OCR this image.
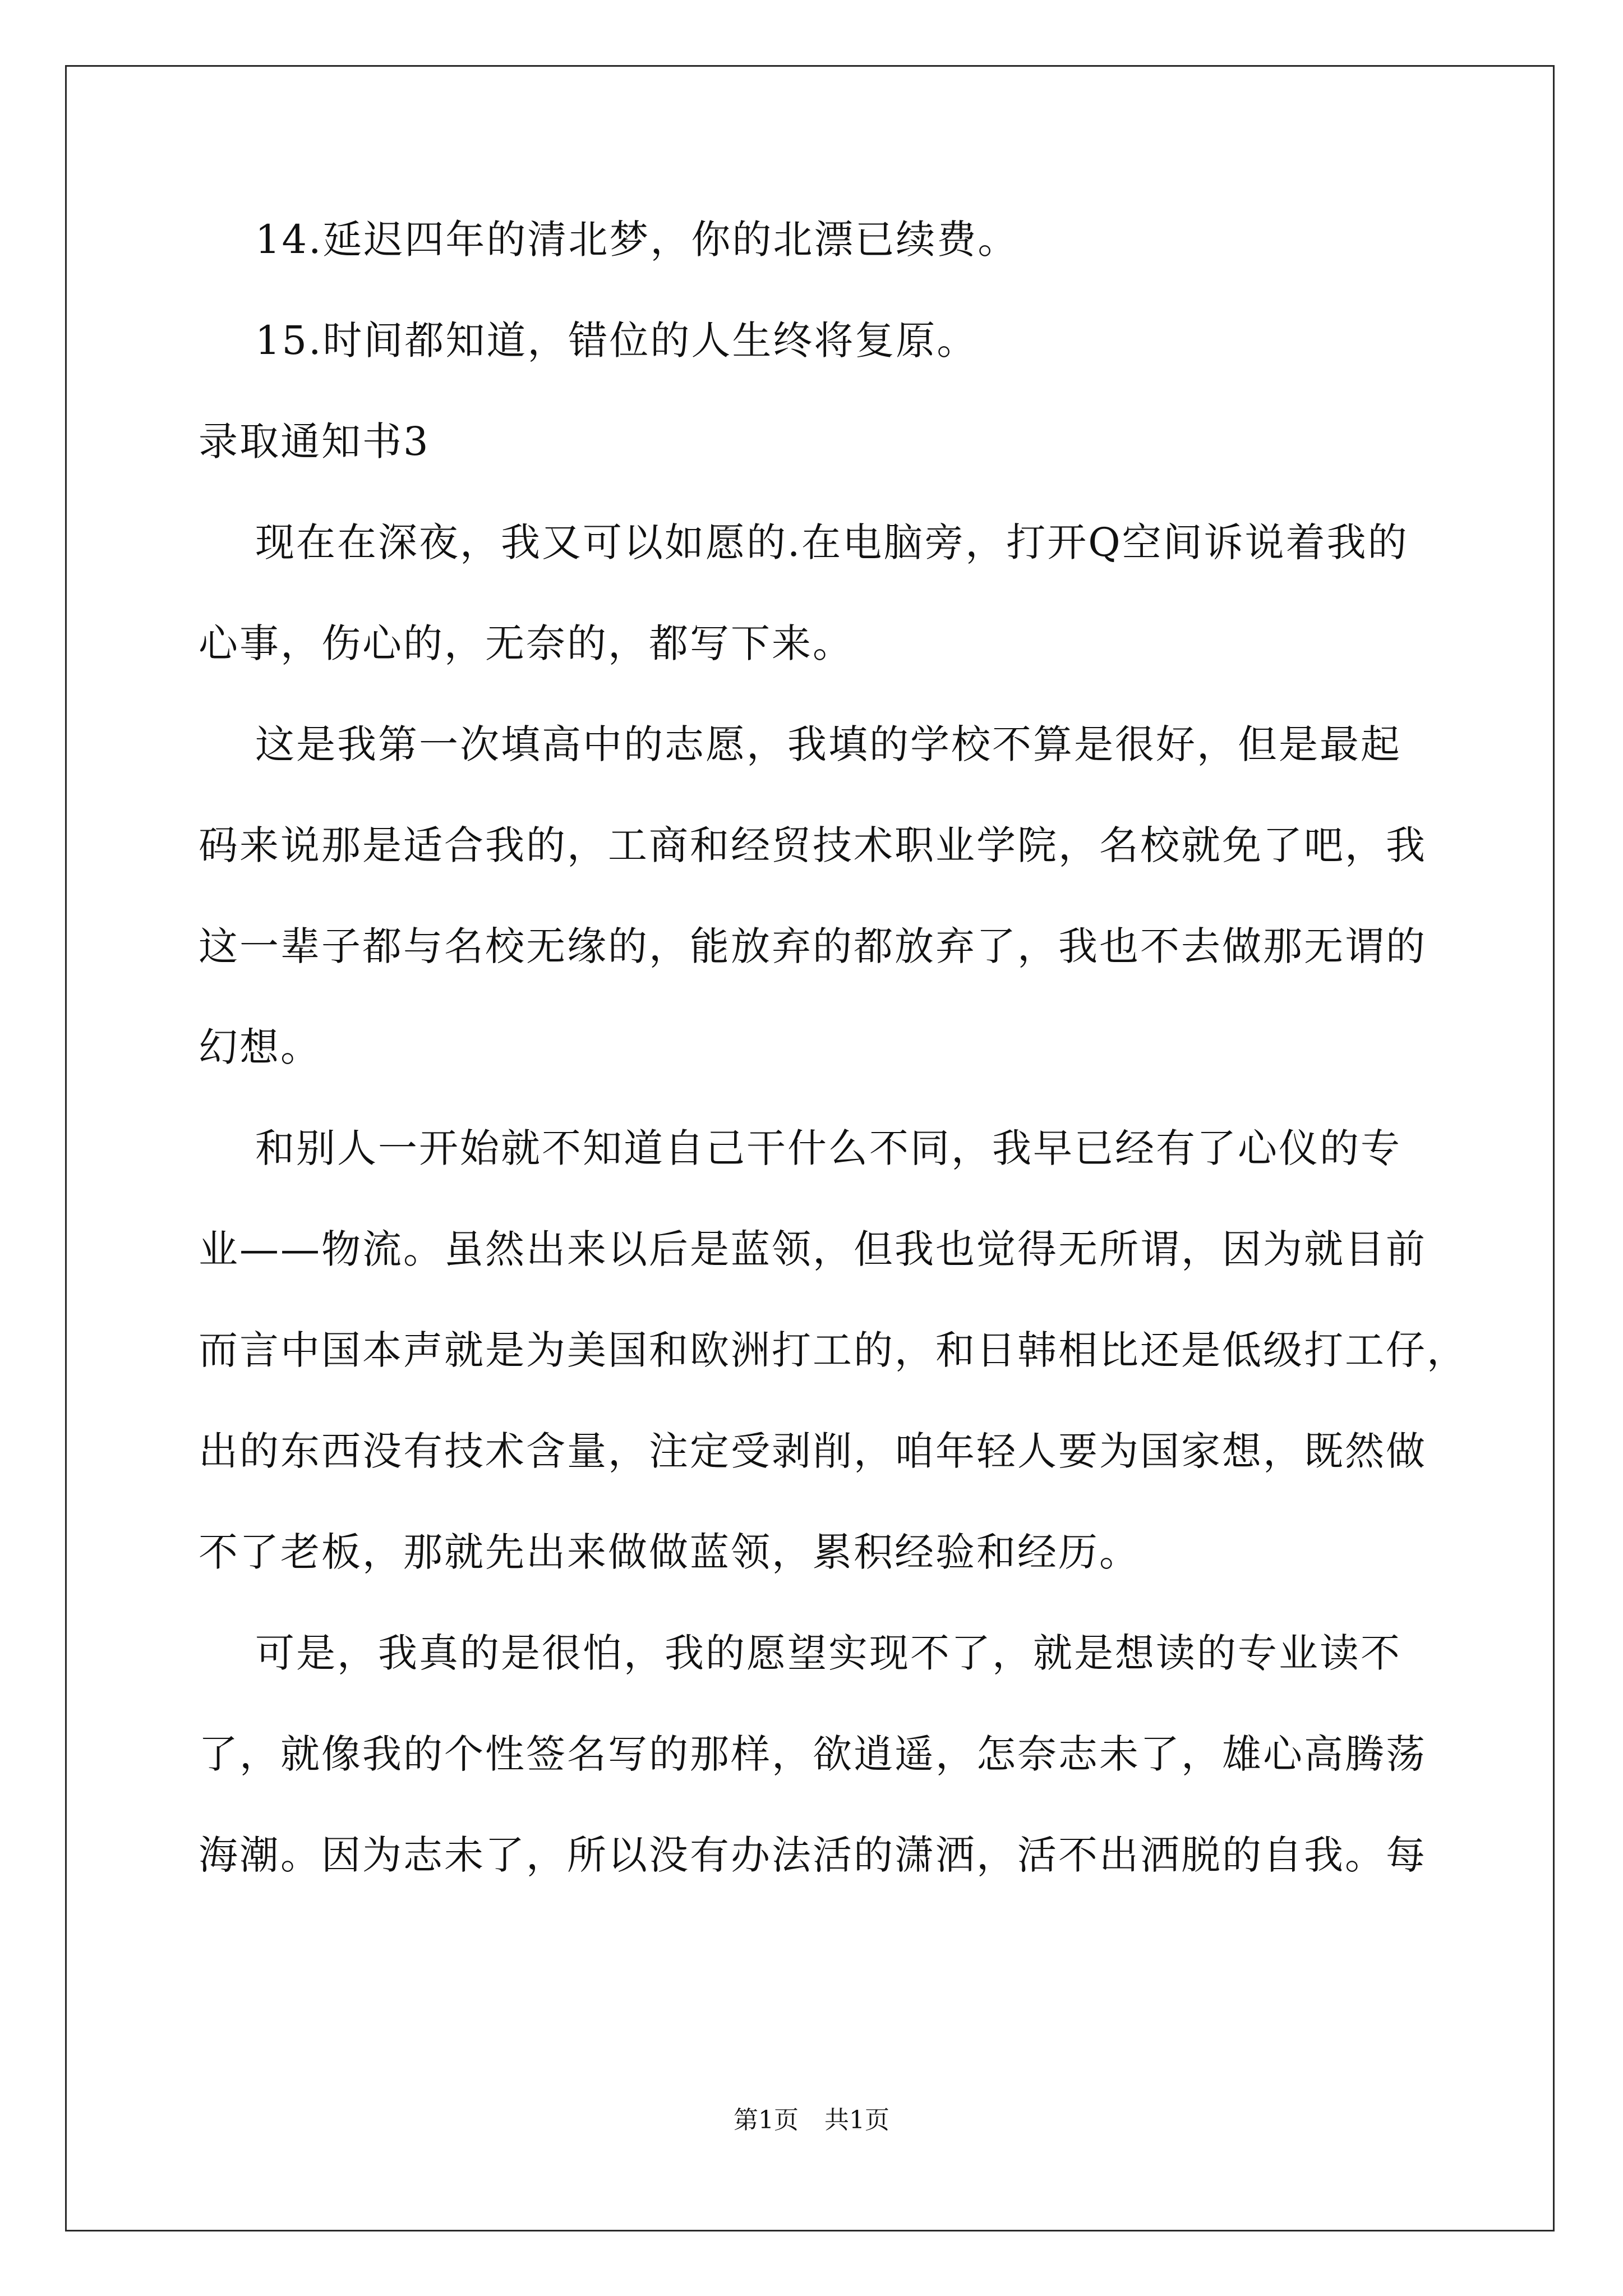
14.延迟四年的清北梦，你的北漂已续费。
15.时间都知道，错位的人生终将复原。
录取通知书3
现在在深夜，我又可以如愿的.在电脑旁，打开Q空间诉说着我的
心事，伤心的，无奈的，都写下来。
这是我第一次填高中的志愿，我填的学校不算是很好，但是最起
码来说那是适合我的，工商和经贸技术职业学院，名校就免了吧，我
这一辈子都与名校无缘的，能放弃的都放弃了，我也不去做那无谓的
幻想。
和别人一开始就不知道自己干什么不同，我早已经有了心仪的专
业——物流。虽然出来以后是蓝领，但我也觉得无所谓，因为就目前
而言中国本声就是为美国和欧洲打工的，和日韩相比还是低级打工仔，
出的东西没有技术含量，注定受剥削，咱年轻人要为国家想，既然做
不了老板，那就先出来做做蓝领，累积经验和经历。
可是，我真的是很怕，我的愿望实现不了，就是想读的专业读不
了，就像我的个性签名写的那样，欲逍遥，怎奈志未了，雄心高腾荡
海潮。因为志未了，所以没有办法活的潇洒，活不出洒脱的自我。每
第1页 共1页
